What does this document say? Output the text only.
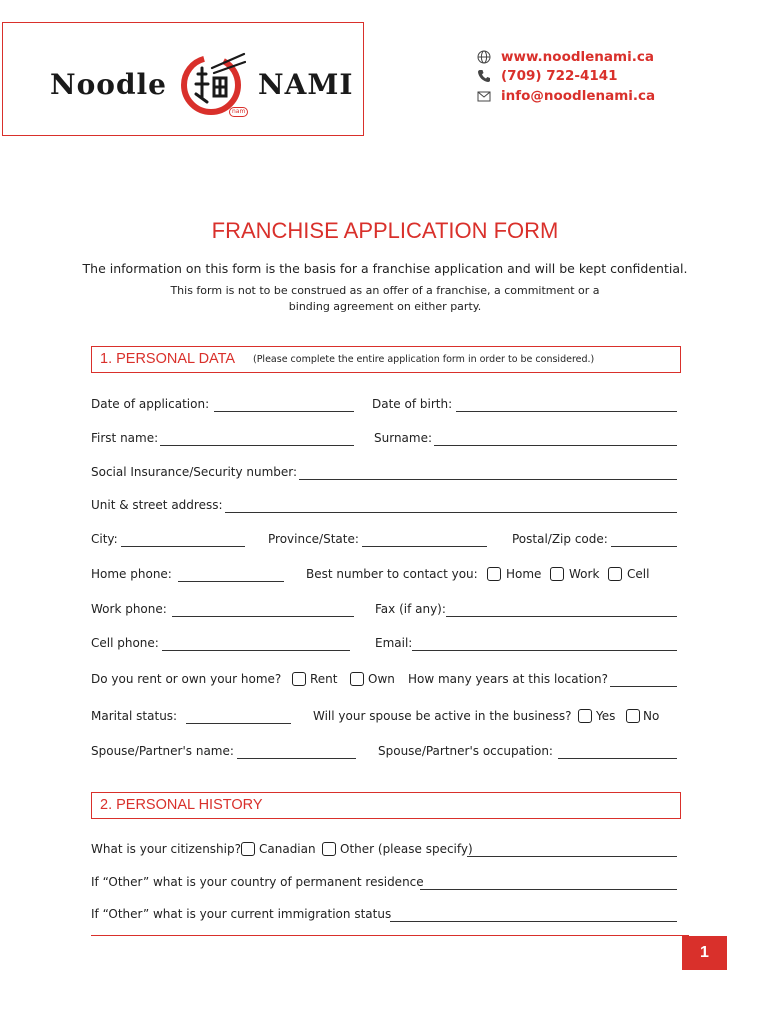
Noodle
nam
NAMI
www.noodlenami.ca
(709) 722-4141
info@noodlenami.ca
FRANCHISE APPLICATION FORM
The information on this form is the basis for a franchise application and will be kept confidential.
This form is not to be construed as an offer of a franchise, a commitment or a
binding agreement on either party.
1. PERSONAL DATA (Please complete the entire application form in order to be considered.)
Date of application:	Date of birth:
First name:	Surname:
Social Insurance/Security number:
Unit & street address:
City:	Province/State:	Postal/Zip code:
Home phone:	Best number to contact you: Home Work Cell
Work phone:	Fax (if any):
Cell phone:	Email:
Do you rent or own your home? Rent	Own How many years at this location?
Marital status:	Will your spouse be active in the business? Yes No
Spouse/Partner's name:	Spouse/Partner's occupation:
2. PERSONAL HISTORY
What is your citizenship? Canadian Other (please specify)
If “Other” what is your country of permanent residence
If “Other” what is your current immigration status
1
